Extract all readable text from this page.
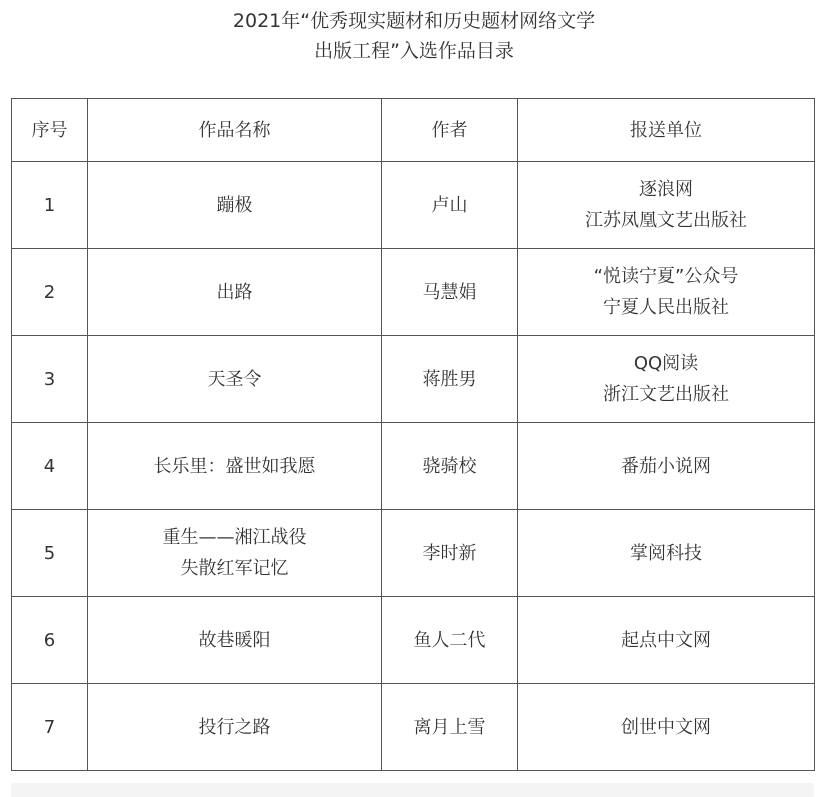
2021年“优秀现实题材和历史题材网络文学
出版工程”入选作品目录
序号	作品名称	作者	报送单位
1	蹦极	卢山	逐浪网
江苏凤凰文艺出版社

2	出路	马慧娟	“悦读宁夏”公众号
宁夏人民出版社

3	天圣令	蒋胜男	QQ阅读
浙江文艺出版社

4	长乐里：盛世如我愿	骁骑校	番茄小说网

5	重生——湘江战役
失散红军记忆	李时新	掌阅科技

6	故巷暖阳	鱼人二代	起点中文网

7	投行之路	离月上雪	创世中文网
